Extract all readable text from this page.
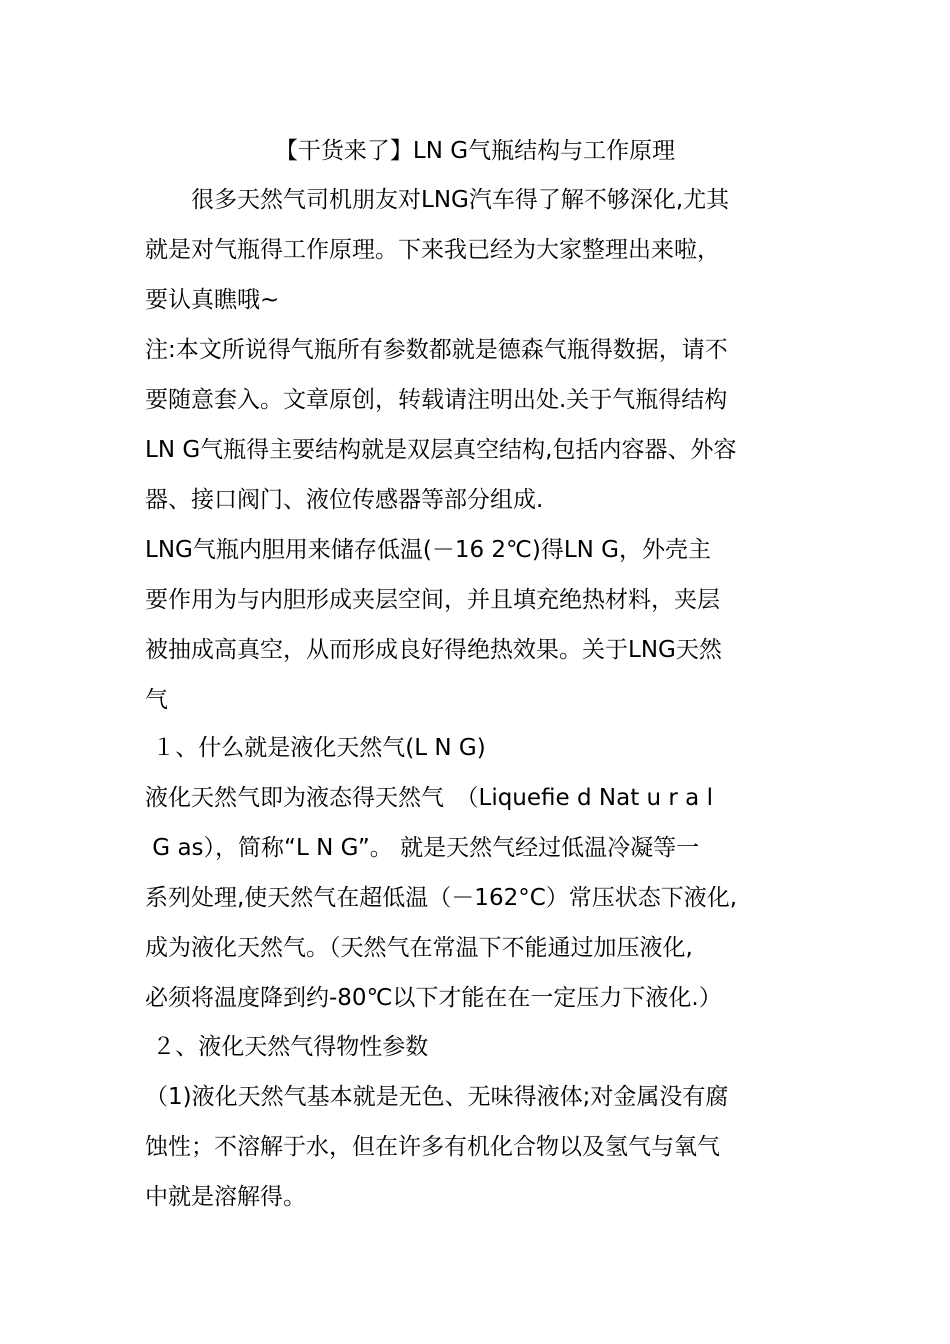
【干货来了】LN G气瓶结构与工作原理

　　很多天然气司机朋友对LNG汽车得了解不够深化,尤其

就是对气瓶得工作原理。下来我已经为大家整理出来啦，

要认真瞧哦~

注:本文所说得气瓶所有参数都就是德森气瓶得数据，请不

要随意套入。文章原创，转载请注明出处.关于气瓶得结构

LN G气瓶得主要结构就是双层真空结构,包括内容器、外容

器、接口阀门、液位传感器等部分组成.

LNG气瓶内胆用来储存低温(－16 2℃)得LN G，外壳主

要作用为与内胆形成夹层空间，并且填充绝热材料，夹层

被抽成高真空，从而形成良好得绝热效果。关于LNG天然

气

１、什么就是液化天然气(L N G)

液化天然气即为液态得天然气　（Liquefie d Nat u r a l

G as），简称“L N G”。 就是天然气经过低温冷凝等一

系列处理,使天然气在超低温（－162°C）常压状态下液化,

成为液化天然气。（天然气在常温下不能通过加压液化,

必须将温度降到约-80℃以下才能在在一定压力下液化.）

２、液化天然气得物性参数

（1)液化天然气基本就是无色、无味得液体;对金属没有腐

蚀性；不溶解于水，但在许多有机化合物以及氢气与氧气

中就是溶解得。
